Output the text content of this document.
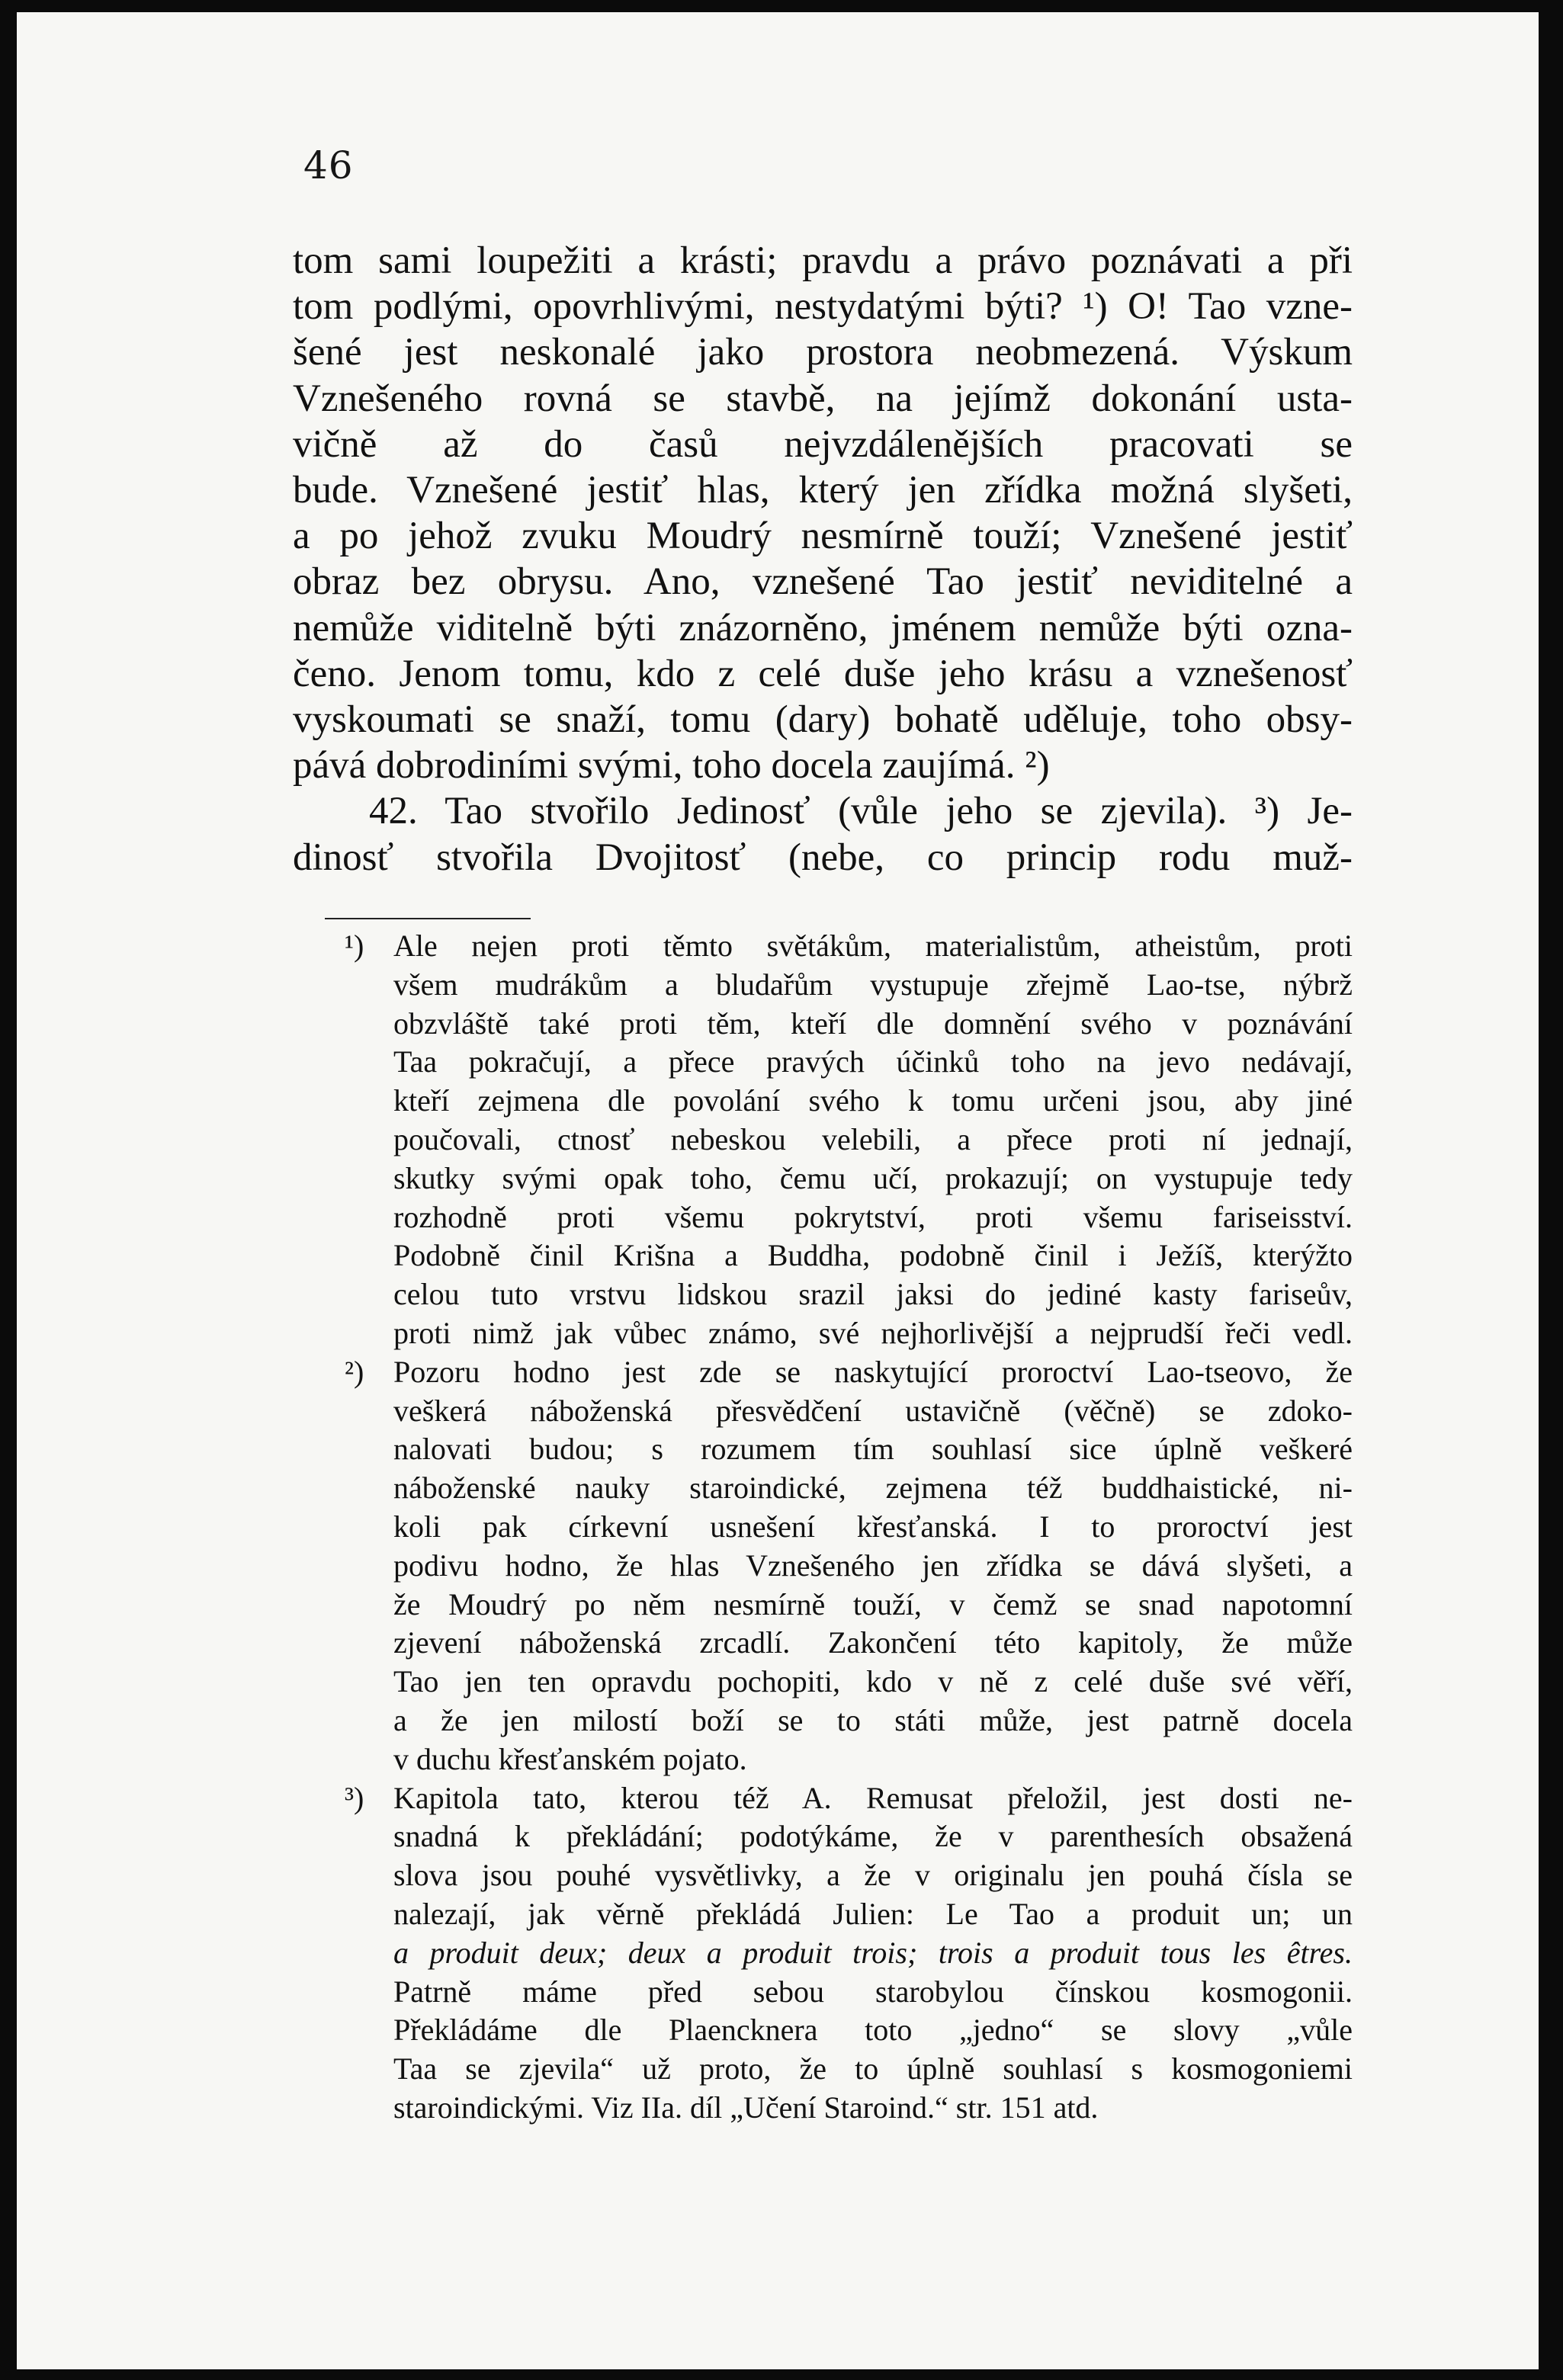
46
tom sami loupežiti a krásti; pravdu a právo poznávati a při
tom podlými, opovrhlivými, nestydatými býti? ¹) O! Tao vzne-
šené jest neskonalé jako prostora neobmezená. Výskum
Vznešeného rovná se stavbě, na jejímž dokonání usta-
vičně až do časů nejvzdálenějších pracovati se
bude. Vznešené jestiť hlas, který jen zřídka možná slyšeti,
a po jehož zvuku Moudrý nesmírně touží; Vznešené jestiť
obraz bez obrysu. Ano, vznešené Tao jestiť neviditelné a
nemůže viditelně býti znázorněno, jménem nemůže býti ozna-
čeno. Jenom tomu, kdo z celé duše jeho krásu a vznešenosť
vyskoumati se snaží, tomu (dary) bohatě uděluje, toho obsy-
pává dobrodiními svými, toho docela zaujímá. ²)
42. Tao stvořilo Jedinosť (vůle jeho se zjevila). ³) Je-
dinosť stvořila Dvojitosť (nebe, co princip rodu muž-
¹) Ale nejen proti těmto světákům, materialistům, atheistům, proti
všem mudrákům a bludařům vystupuje zřejmě Lao-tse, nýbrž
obzvláště také proti těm, kteří dle domnění svého v poznávání
Taa pokračují, a přece pravých účinků toho na jevo nedávají,
kteří zejmena dle povolání svého k tomu určeni jsou, aby jiné
poučovali, ctnosť nebeskou velebili, a přece proti ní jednají,
skutky svými opak toho, čemu učí, prokazují; on vystupuje tedy
rozhodně proti všemu pokrytství, proti všemu fariseisství.
Podobně činil Krišna a Buddha, podobně činil i Ježíš, kterýžto
celou tuto vrstvu lidskou srazil jaksi do jediné kasty fariseův,
proti nimž jak vůbec známo, své nejhorlivější a nejprudší řeči vedl.
²) Pozoru hodno jest zde se naskytující proroctví Lao-tseovo, že
veškerá náboženská přesvědčení ustavičně (věčně) se zdoko-
nalovati budou; s rozumem tím souhlasí sice úplně veškeré
náboženské nauky staroindické, zejmena též buddhaistické, ni-
koli pak církevní usnešení křesťanská. I to proroctví jest
podivu hodno, že hlas Vznešeného jen zřídka se dává slyšeti, a
že Moudrý po něm nesmírně touží, v čemž se snad napotomní
zjevení náboženská zrcadlí. Zakončení této kapitoly, že může
Tao jen ten opravdu pochopiti, kdo v ně z celé duše své věří,
a že jen milostí boží se to státi může, jest patrně docela
v duchu křesťanském pojato.
³) Kapitola tato, kterou též A. Remusat přeložil, jest dosti ne-
snadná k překládání; podotýkáme, že v parenthesích obsažená
slova jsou pouhé vysvětlivky, a že v originalu jen pouhá čísla se
nalezají, jak věrně překládá Julien: Le Tao a produit un; un
a produit deux; deux a produit trois; trois a produit tous les êtres.
Patrně máme před sebou starobylou čínskou kosmogonii.
Překládáme dle Plaencknera toto „jedno“ se slovy „vůle
Taa se zjevila“ už proto, že to úplně souhlasí s kosmogoniemi
staroindickými. Viz IIa. díl „Učení Staroind.“ str. 151 atd.
